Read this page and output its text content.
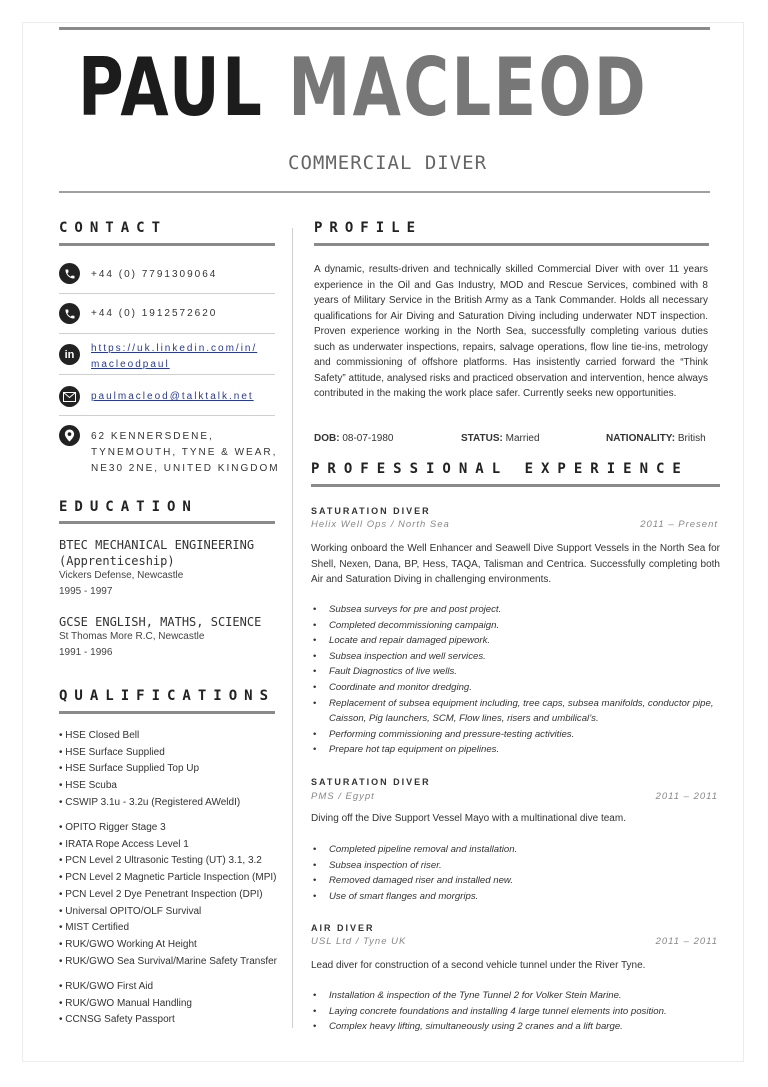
PAUL MACLEOD
COMMERCIAL DIVER
CONTACT
+44 (0) 7791309064
+44 (0) 1912572620
in	https://uk.linkedin.com/in/
macleodpaul
paulmacleod@talktalk.net
62 KENNERSDENE,
TYNEMOUTH, TYNE & WEAR,
NE30 2NE, UNITED KINGDOM
EDUCATION
BTEC MECHANICAL ENGINEERING
(Apprenticeship)
Vickers Defense, Newcastle
1995 - 1997
GCSE ENGLISH, MATHS, SCIENCE
St Thomas More R.C, Newcastle
1991 - 1996
QUALIFICATIONS
• HSE Closed Bell
• HSE Surface Supplied
• HSE Surface Supplied Top Up
• HSE Scuba
• CSWIP 3.1u - 3.2u (Registered AWeldI)
• OPITO Rigger Stage 3
• IRATA Rope Access Level 1
• PCN Level 2 Ultrasonic Testing (UT) 3.1, 3.2
• PCN Level 2 Magnetic Particle Inspection (MPI)
• PCN Level 2 Dye Penetrant Inspection (DPI)
• Universal OPITO/OLF Survival
• MIST Certified
• RUK/GWO Working At Height
• RUK/GWO Sea Survival/Marine Safety Transfer
• RUK/GWO First Aid
• RUK/GWO Manual Handling
• CCNSG Safety Passport
PROFILE

A dynamic, results-driven and technically skilled Commercial Diver with over 11 years experience in the Oil and Gas Industry, MOD and Rescue Services, combined with 8 years of Military Service in the British Army as a Tank Commander. Holds all necessary qualifications for Air Diving and Saturation Diving including underwater NDT inspection. Proven experience working in the North Sea, successfully completing various duties such as underwater inspections, repairs, salvage operations, flow line tie-ins, metrology and commissioning of offshore platforms. Has insistently carried forward the “Think Safety” attitude, analysed risks and practiced observation and intervention, hence always contributed in the making the work place safer. Currently seeks new opportunities.

DOB: 08-07-1980	STATUS: Married	NATIONALITY: British
PROFESSIONAL EXPERIENCE
SATURATION DIVER
Helix Well Ops / North Sea	2011 – Present

Working onboard the Well Enhancer and Seawell Dive Support Vessels in the North Sea for Shell, Nexen, Dana, BP, Hess, TAQA, Talisman and Centrica. Successfully completing both Air and Saturation Diving in challenging environments.

• Subsea surveys for pre and post project.
• Completed decommissioning campaign.
• Locate and repair damaged pipework.
• Subsea inspection and well services.
• Fault Diagnostics of live wells.
• Coordinate and monitor dredging.
• Replacement of subsea equipment including, tree caps, subsea manifolds, conductor pipe, Caisson, Pig launchers, SCM, Flow lines, risers and umbilical’s.
• Performing commissioning and pressure-testing activities.
• Prepare hot tap equipment on pipelines.
SATURATION DIVER
PMS / Egypt	2011 – 2011

Diving off the Dive Support Vessel Mayo with a multinational dive team.

• Completed pipeline removal and installation.
• Subsea inspection of riser.
• Removed damaged riser and installed new.
• Use of smart flanges and morgrips.
AIR DIVER
USL Ltd / Tyne UK	2011 – 2011

Lead diver for construction of a second vehicle tunnel under the River Tyne.

• Installation & inspection of the Tyne Tunnel 2 for Volker Stein Marine.
• Laying concrete foundations and installing 4 large tunnel elements into position.
• Complex heavy lifting, simultaneously using 2 cranes and a lift barge.
